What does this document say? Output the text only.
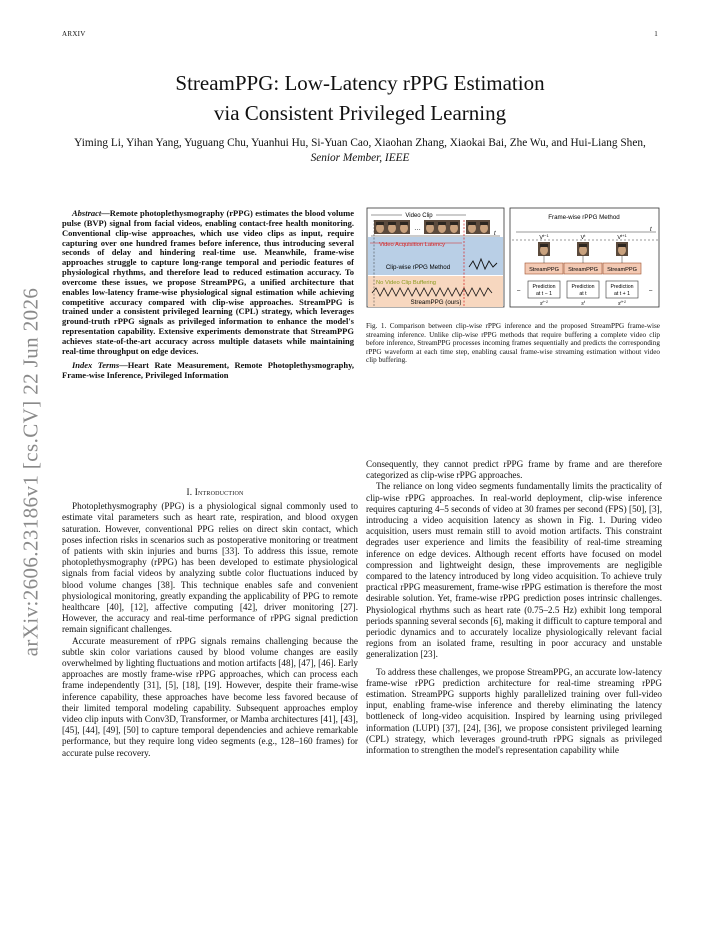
ARXIV	1
arXiv:2606.23186v1 [cs.CV] 22 Jun 2026
StreamPPG: Low-Latency rPPG Estimation
via Consistent Privileged Learning
Yiming Li, Yihan Yang, Yuguang Chu, Yuanhui Hu, Si-Yuan Cao, Xiaohan Zhang, Xiaokai Bai, Zhe Wu, and Hui-Liang Shen, Senior Member, IEEE

Abstract—Remote photoplethysmography (rPPG) estimates the blood volume pulse (BVP) signal from facial videos, enabling contact-free health monitoring. Conventional clip-wise approaches, which use video clips as input, require capturing over one hundred frames before inference, thus introducing several seconds of delay and hindering real-time use. Meanwhile, frame-wise approaches struggle to capture long-range temporal and periodic features of physiological rhythms, and therefore lead to reduced estimation accuracy. To overcome these issues, we propose StreamPPG, a unified architecture that enables low-latency frame-wise physiological signal estimation while achieving competitive accuracy compared with clip-wise approaches. StreamPPG is trained under a consistent privileged learning (CPL) strategy, which leverages ground-truth rPPG signals as privileged information to enhance the model's representation capability. Extensive experiments demonstrate that StreamPPG achieves state-of-the-art accuracy across multiple datasets while maintaining real-time throughput on edge devices.

Index Terms—Heart Rate Measurement, Remote Photoplethysmography, Frame-wise Inference, Privileged Information

I. Introduction

Photoplethysmography (PPG) is a physiological signal commonly used to estimate vital parameters such as heart rate, respiration, and blood oxygen saturation. However, conventional PPG relies on direct skin contact, which poses infection risks in scenarios such as postoperative monitoring or treatment of patients with skin injuries and burns [33]. To address this issue, remote photoplethysmography (rPPG) has been developed to estimate physiological signals from facial videos by analyzing subtle color fluctuations induced by blood volume changes [38]. This technique enables safe and convenient physiological monitoring, greatly expanding the applicability of PPG to remote healthcare [40], [12], affective computing [42], driver monitoring [27]. However, the accuracy and real-time performance of rPPG signal prediction remain significant challenges.

Accurate measurement of rPPG signals remains challenging because the subtle skin color variations caused by blood volume changes are easily overwhelmed by lighting fluctuations and motion artifacts [48], [47], [46]. Early approaches are mostly frame-wise rPPG approaches, which can process each frame independently [31], [5], [18], [19]. However, despite their frame-wise inference capability, these approaches have become less favored because of their limited temporal modeling capability. Subsequent approaches employ video clip inputs with Conv3D, Transformer, or Mamba architectures [41], [43], [45], [44], [49], [50] to capture temporal dependencies and achieve remarkable performance, but they require long video segments (e.g., 128–160 frames) for accurate pulse recovery.

Consequently, they cannot predict rPPG frame by frame and are therefore categorized as clip-wise rPPG approaches.

The reliance on long video segments fundamentally limits the practicality of clip-wise rPPG approaches. In real-world deployment, clip-wise inference requires capturing 4–5 seconds of video at 30 frames per second (FPS) [50], [3], introducing a video acquisition latency as shown in Fig. 1. During video acquisition, users must remain still to avoid motion artifacts. This constraint degrades user experience and limits the feasibility of real-time streaming inference on edge devices. Although recent efforts have focused on model compression and lightweight design, these improvements are negligible compared to the latency introduced by long video acquisition. To achieve truly practical rPPG measurement, frame-wise rPPG estimation is therefore the most desirable solution. Yet, frame-wise rPPG prediction poses intrinsic challenges. Physiological rhythms such as heart rate (0.75–2.5 Hz) exhibit long temporal periods spanning several seconds [6], making it difficult to capture temporal and periodic dynamics and to accurately localize physiologically relevant facial regions from an isolated frame, resulting in poor accuracy and unstable generalization [23].

To address these challenges, we propose StreamPPG, an accurate low-latency frame-wise rPPG prediction architecture for real-time streaming rPPG estimation. StreamPPG supports highly parallelized training over full-video input, enabling frame-wise inference and thereby eliminating the latency bottleneck of long-video acquisition. Inspired by learning using privileged information (LUPI) [37], [24], [36], we propose consistent privileged learning (CPL) strategy, which leverages ground-truth rPPG signals as privileged information to strengthen the model's representation capability while

Video Clip
…
t
Video Acquisition Latency
Clip-wise rPPG Method
No Video Clip Buffering
StreamPPG (ours)
Frame-wise rPPG Method
t
$V^{t-1}$	$V^t$	$V^{t+1}$
StreamPPG StreamPPG StreamPPG
Prediction
at t − 1
Prediction
at t
Prediction
at t + 1
–	–
$s^{t-1}$	$s^t$	$s^{t+1}$
Fig. 1. Comparison between clip-wise rPPG inference and the proposed StreamPPG frame-wise streaming inference. Unlike clip-wise rPPG methods that require buffering a complete video clip before inference, StreamPPG processes incoming frames sequentially and predicts the corresponding rPPG waveform at each time step, enabling causal frame-wise streaming estimation without video clip buffering.
